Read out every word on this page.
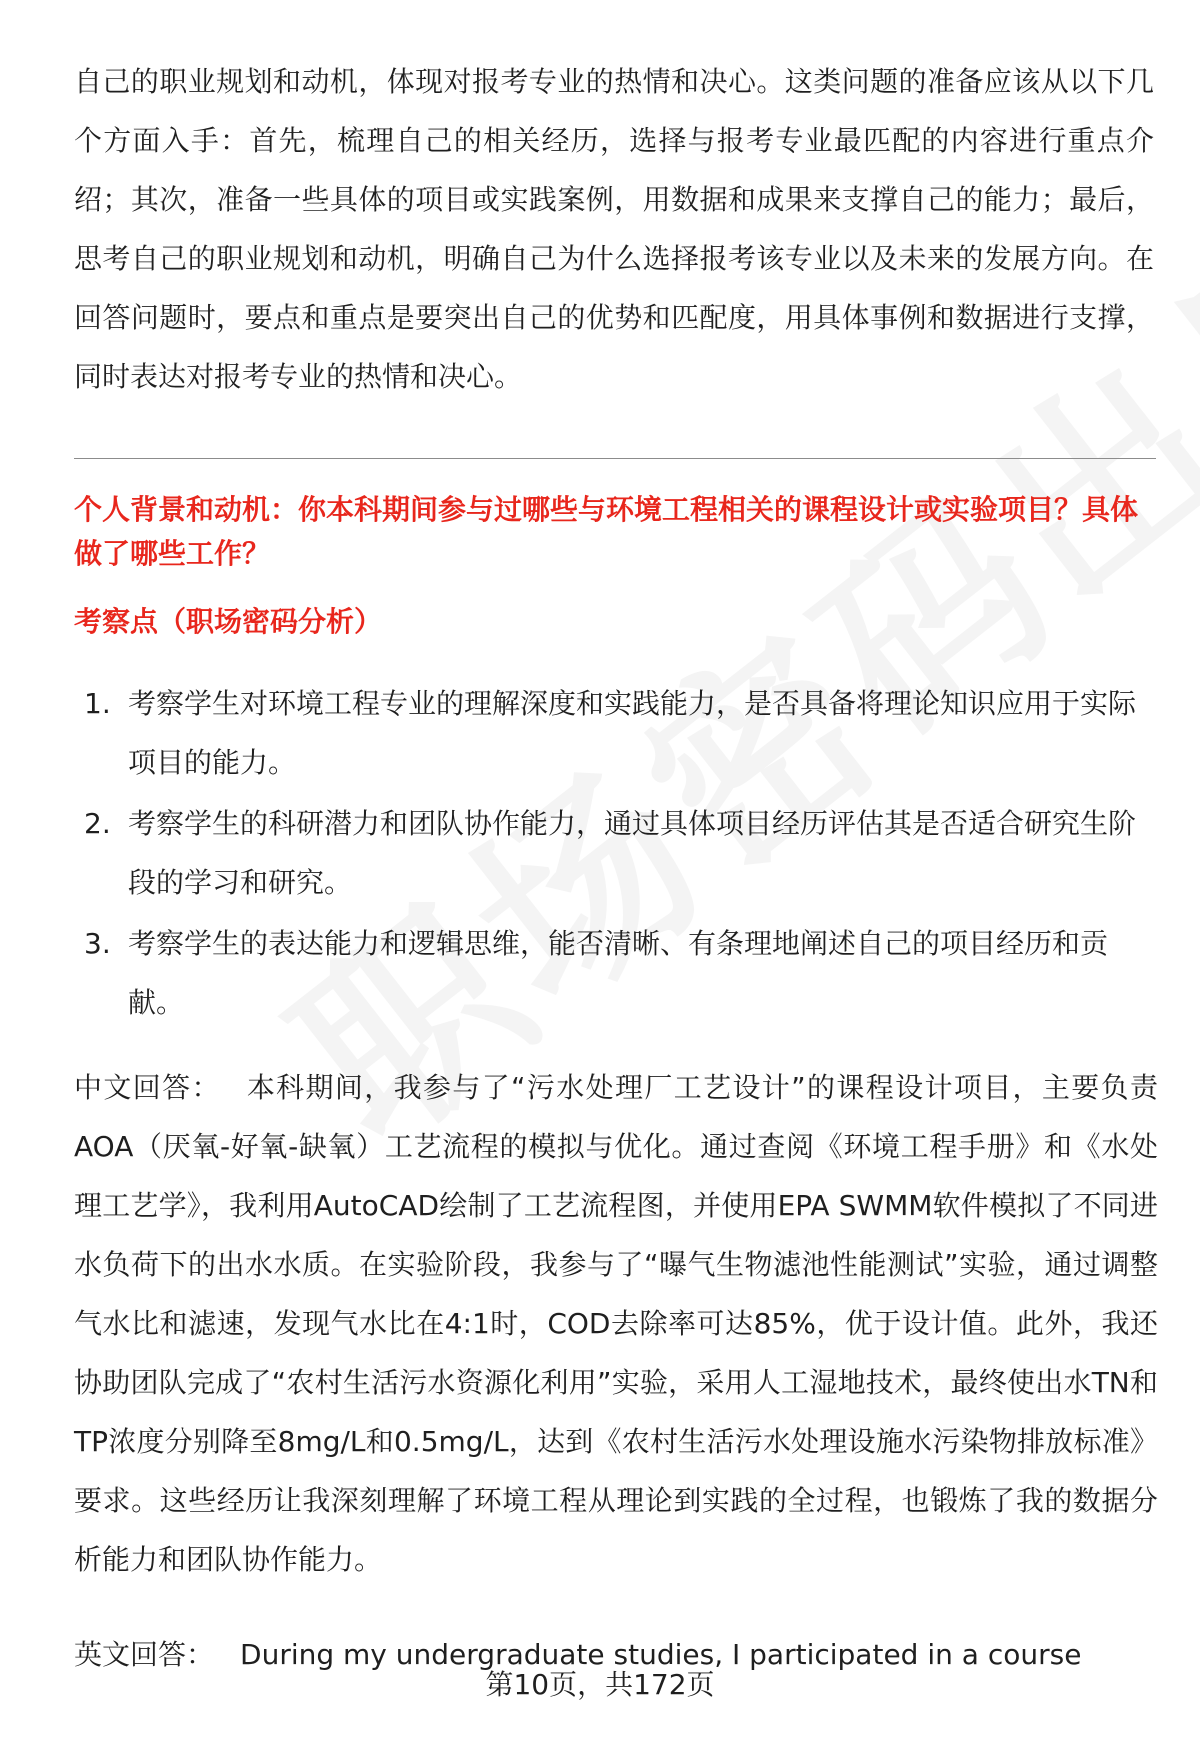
自己的职业规划和动机，体现对报考专业的热情和决心。这类问题的准备应该从以下几个方面入手：首先，梳理自己的相关经历，选择与报考专业最匹配的内容进行重点介绍；其次，准备一些具体的项目或实践案例，用数据和成果来支撑自己的能力；最后，思考自己的职业规划和动机，明确自己为什么选择报考该专业以及未来的发展方向。在回答问题时，要点和重点是要突出自己的优势和匹配度，用具体事例和数据进行支撑，同时表达对报考专业的热情和决心。

个人背景和动机：你本科期间参与过哪些与环境工程相关的课程设计或实验项目？具体做了哪些工作？
考察点（职场密码分析）
1. 考察学生对环境工程专业的理解深度和实践能力，是否具备将理论知识应用于实际项目的能力。
2. 考察学生的科研潜力和团队协作能力，通过具体项目经历评估其是否适合研究生阶段的学习和研究。
3. 考察学生的表达能力和逻辑思维，能否清晰、有条理地阐述自己的项目经历和贡献。

中文回答： 本科期间，我参与了“污水处理厂工艺设计”的课程设计项目，主要负责AOA（厌氧-好氧-缺氧）工艺流程的模拟与优化。通过查阅《环境工程手册》和《水处理工艺学》，我利用AutoCAD绘制了工艺流程图，并使用EPA SWMM软件模拟了不同进水负荷下的出水水质。在实验阶段，我参与了“曝气生物滤池性能测试”实验，通过调整气水比和滤速，发现气水比在4:1时，COD去除率可达85%，优于设计值。此外，我还协助团队完成了“农村生活污水资源化利用”实验，采用人工湿地技术，最终使出水TN和TP浓度分别降至8mg/L和0.5mg/L，达到《农村生活污水处理设施水污染物排放标准》要求。这些经历让我深刻理解了环境工程从理论到实践的全过程，也锻炼了我的数据分析能力和团队协作能力。

英文回答： During my undergraduate studies, I participated in a course

第10页，共172页
